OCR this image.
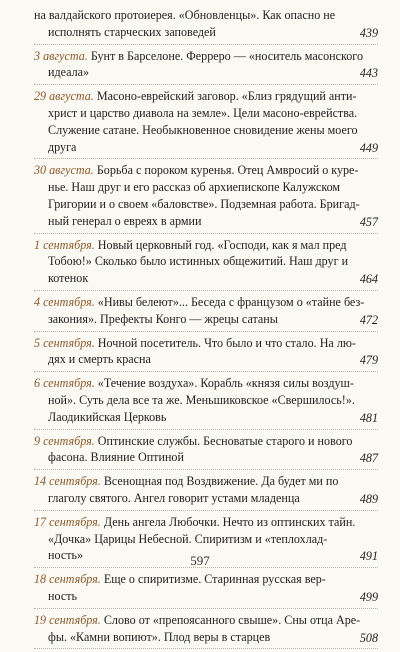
на валдайского протоиерея. «Обновленцы». Как опасно не
исполнять старческих заповедей	439
3 августа. Бунт в Барселоне. Ферреро — «носитель масонского
идеала»	443
29 августа. Масоно-еврейский заговор. «Близ грядущий анти-
христ и царство диавола на земле». Цели масоно-еврейства.
Служение сатане. Необыкновенное сновидение жены моего
друга	449
30 августа. Борьба с пороком куренья. Отец Амвросий о куре-
нье. Наш друг и его рассказ об архиепископе Калужском
Григории и о своем «баловстве». Подземная работа. Бригад-
ный генерал о евреях в армии	457
1 сентября. Новый церковный год. «Господи, как я мал пред
Тобою!» Сколько было истинных общежитий. Наш друг и
котенок	464
4 сентября. «Нивы белеют»... Беседа с французом о «тайне без-
закония». Префекты Конго — жрецы сатаны	472
5 сентября. Ночной посетитель. Что было и что стало. На лю-
дях и смерть красна	479
6 сентября. «Течение воздуха». Корабль «князя силы воздуш-
ной». Суть дела все та же. Меньшиковское «Свершилось!».
Лаодикийская Церковь	481
9 сентября. Оптинские службы. Бесноватые старого и нового
фасона. Влияние Оптиной	487
14 сентября. Всенощная под Воздвижение. Да будет ми по
глаголу святого. Ангел говорит устами младенца	489
17 сентября. День ангела Любочки. Нечто из оптинских тайн.
«Дочка» Царицы Небесной. Спиритизм и «теплохлад-
ность»	491
18 сентября. Еще о спиритизме. Старинная русская вер-
ность	499
19 сентября. Слово от «препоясанного свыше». Сны отца Аре-
фы. «Камни вопиют». Плод веры в старцев	508
597
